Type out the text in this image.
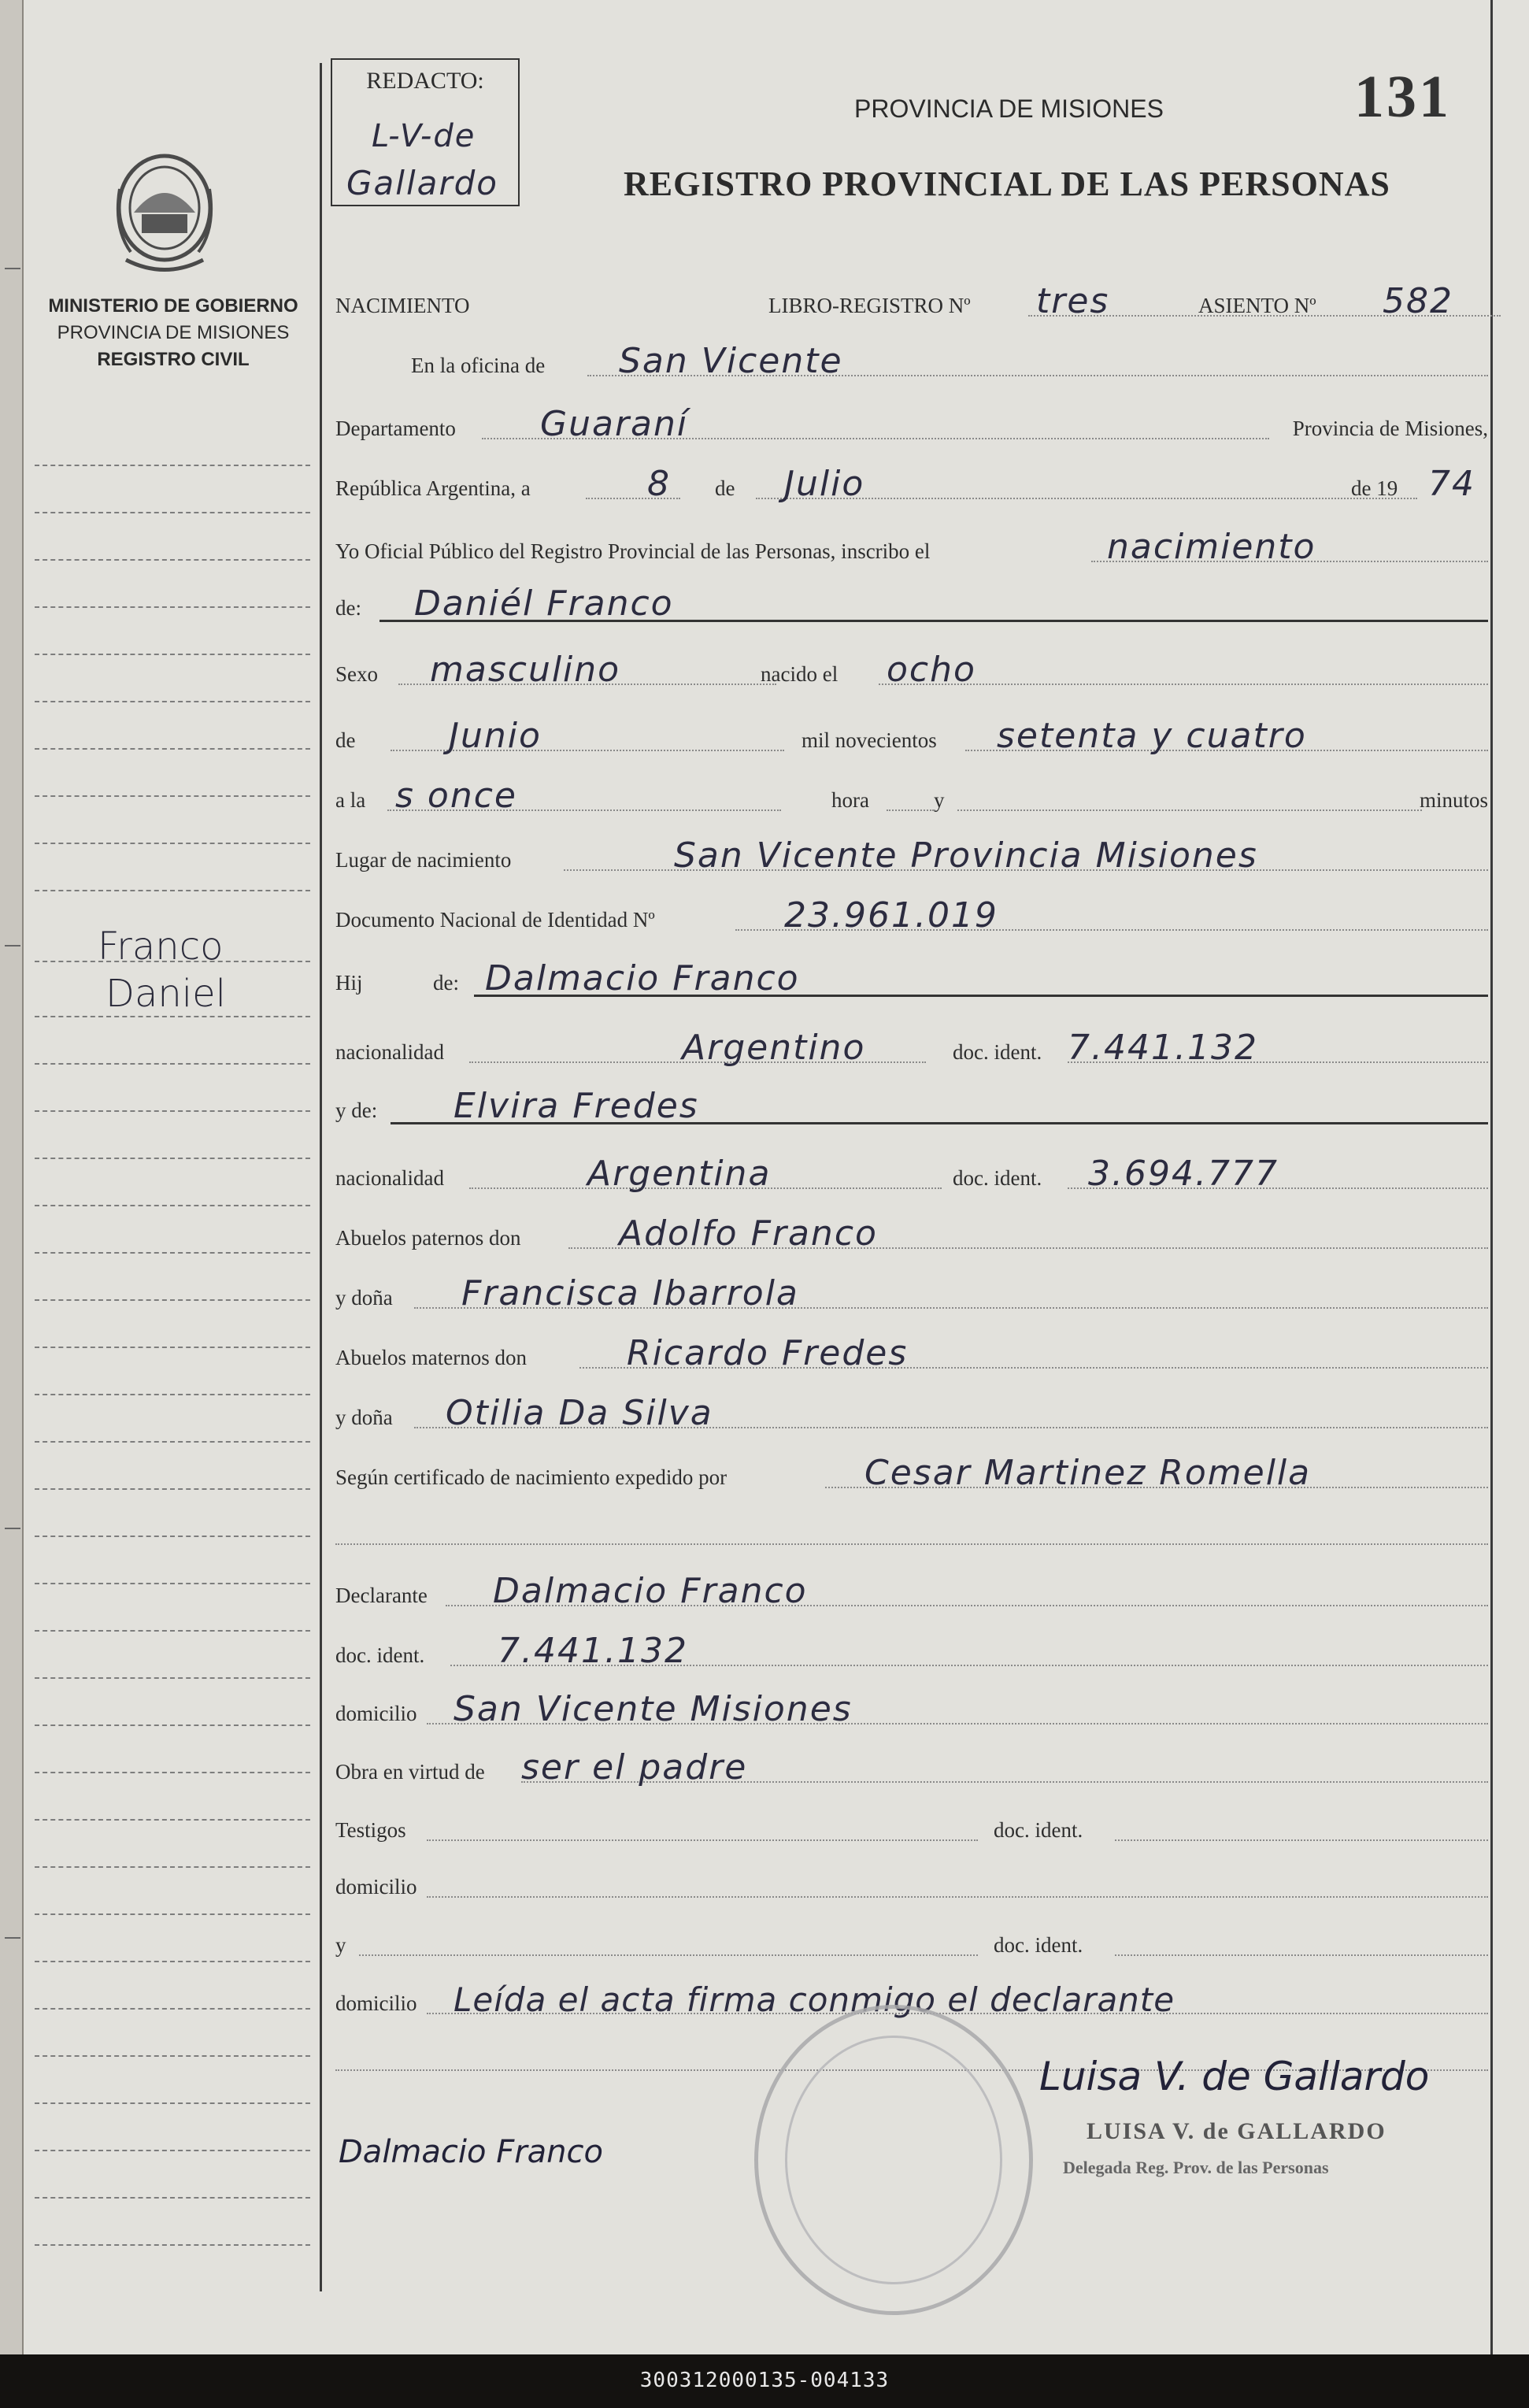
REDACTO:
L-V-de
Gallardo
131
PROVINCIA DE MISIONES
REGISTRO PROVINCIAL DE LAS PERSONAS
MINISTERIO DE GOBIERNO
PROVINCIA DE MISIONES
REGISTRO CIVIL
Franco
Daniel
NACIMIENTO	LIBRO-REGISTRO Nº tres	ASIENTO Nº 582
En la oficina de San Vicente
Departamento Guaraní	Provincia de Misiones,
República Argentina, a	8 de Julio	de 19 74
Yo Oficial Público del Registro Provincial de las Personas, inscribo el	nacimiento
de: Daniél Franco
Sexo masculino	nacido el ocho
de	Junio	mil novecientos setenta y cuatro
a la s once	hora	y	minutos
Lugar de nacimiento	San Vicente Provincia Misiones
Documento Nacional de Identidad Nº	23.961.019
Hij	de: Dalmacio Franco
nacionalidad	Argentino	doc. ident. 7.441.132
y de: Elvira Fredes
nacionalidad	Argentina	doc. ident. 3.694.777
Abuelos paternos don	Adolfo Franco
y doña Francisca Ibarrola
Abuelos maternos don	Ricardo Fredes
y doña Otilia Da Silva
Según certificado de nacimiento expedido por	Cesar Martinez Romella
Declarante Dalmacio Franco
doc. ident. 7.441.132
domicilio San Vicente Misiones
Obra en virtud de ser el padre
Testigos	doc. ident.
domicilio
y	doc. ident.
domicilio Leída el acta firma conmigo el declarante
Luisa V. de Gallardo
LUISA V. de GALLARDO
Delegada Reg. Prov. de las Personas
Dalmacio Franco
300312000135-004133
